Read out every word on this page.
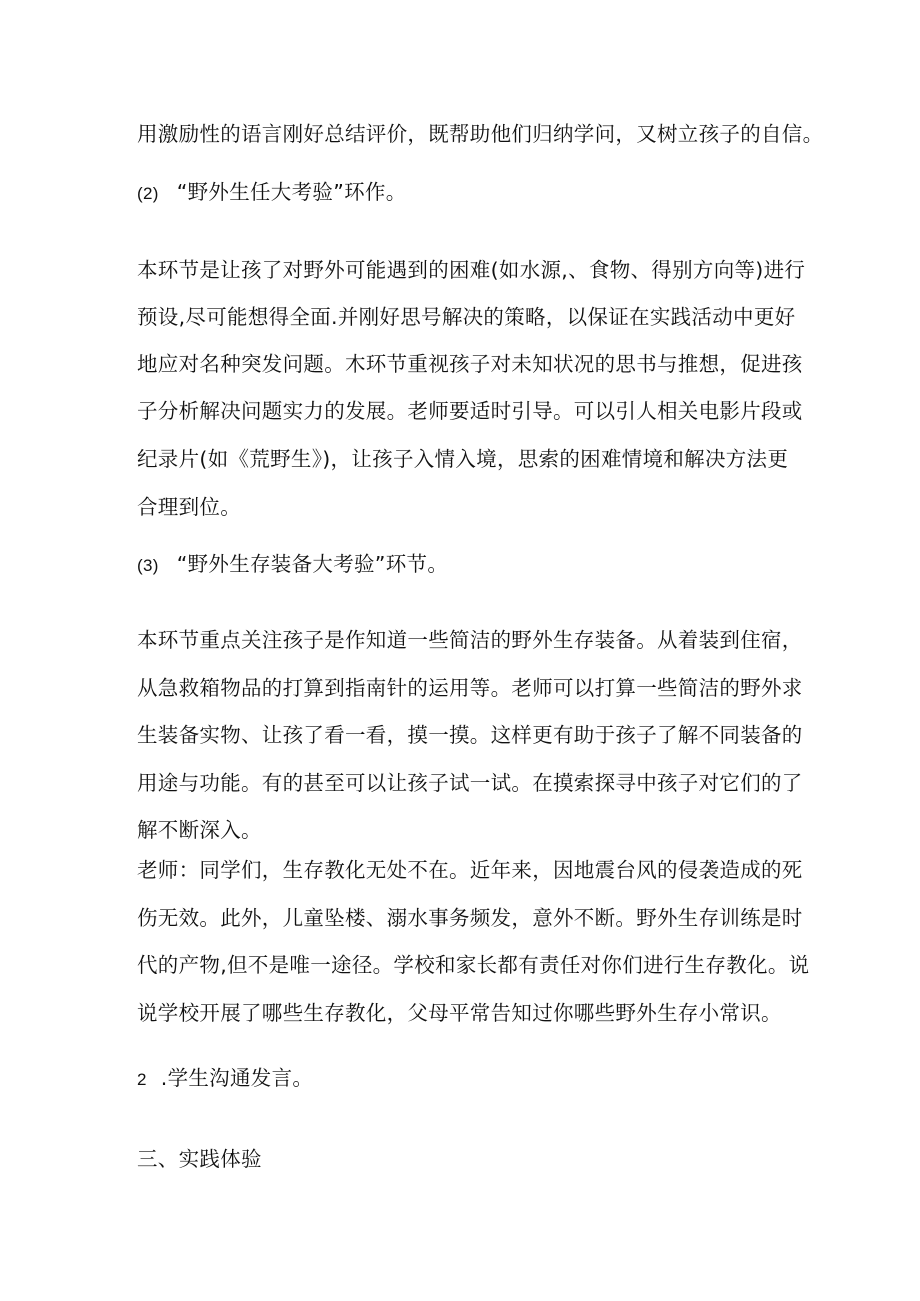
用激励性的语言刚好总结评价，既帮助他们归纳学问，又树立孩子的自信。
(2) “野外生任大考验”环作。
本环节是让孩了对野外可能遇到的困难(如水源,、食物、得别方向等)进行
预设,尽可能想得全面.并刚好思号解决的策略，以保证在实践活动中更好
地应对名种突发问题。木环节重视孩子对未知状况的思书与推想，促进孩
子分析解决问题实力的发展。老师要适时引导。可以引人相关电影片段或
纪录片(如《荒野生》)，让孩子入情入境，思索的困难情境和解决方法更
合理到位。
(3) “野外生存装备大考验”环节。
本环节重点关注孩子是作知道一些简洁的野外生存装备。从着装到住宿，
从急救箱物品的打算到指南针的运用等。老师可以打算一些简洁的野外求
生装备实物、让孩了看一看，摸一摸。这样更有助于孩子了解不同装备的
用途与功能。有的甚至可以让孩子试一试。在摸索探寻中孩子对它们的了
解不断深入。
老师：同学们，生存教化无处不在。近年来，因地震台风的侵袭造成的死
伤无效。此外，儿童坠楼、溺水事务频发，意外不断。野外生存训练是时
代的产物,但不是唯一途径。学校和家长都有责任对你们进行生存教化。说
说学校开展了哪些生存教化，父母平常告知过你哪些野外生存小常识。
2 .学生沟通发言。
三、实践体验
